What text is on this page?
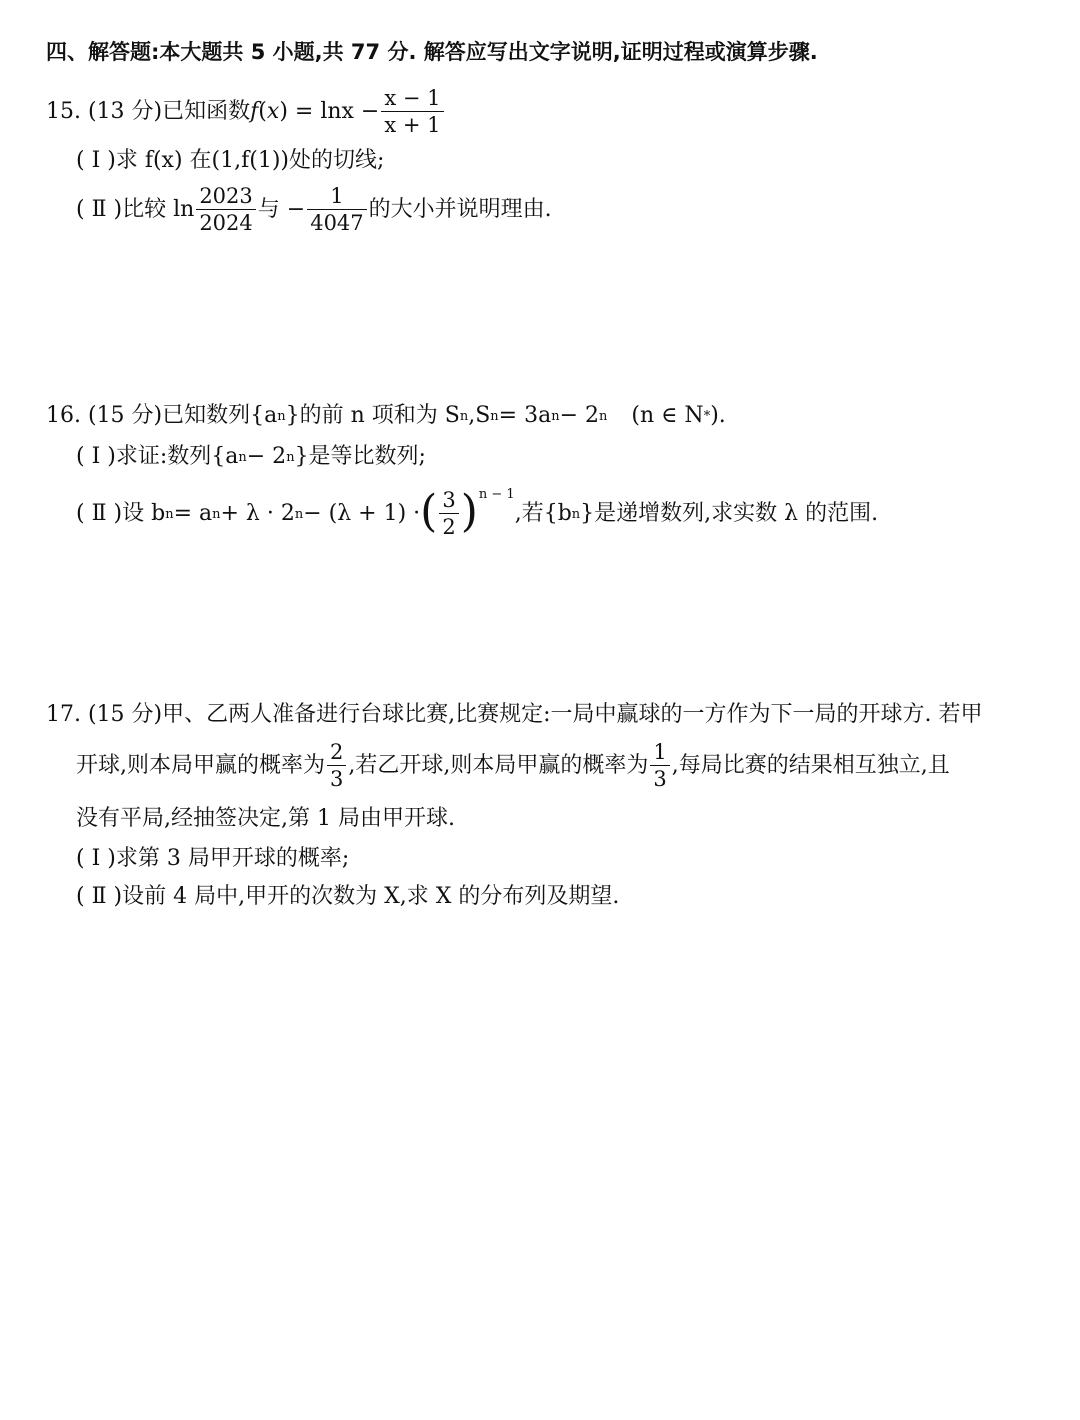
四、解答题:本大题共 5 小题,共 77 分. 解答应写出文字说明,证明过程或演算步骤.
15. (13 分)已知函数 f ( x ) = $\ln x - \frac{x - 1}{x + 1}$
( Ⅰ )求 f(x) 在(1,f(1))处的切线;
( Ⅱ )比较 $\ln \frac{2023}{2024}$ 与 − $\frac{1}{4047}$ 的大小并说明理由.
16. (15 分)已知数列{a n }的前 n 项和为 S n ,S n = 3a n − 2 n (n ∈ N * ).
( Ⅰ )求证:数列{a n − 2 n }是等比数列;
( Ⅱ )设 b n = a n + λ · 2 n − (λ + 1) · ( $\frac{3}{2}$ ) n − 1
,若{b n }是递增数列,求实数 λ 的范围.
17. (15 分)甲、乙两人准备进行台球比赛,比赛规定:一局中赢球的一方作为下一局的开球方. 若甲
开球,则本局甲赢的概率为 $\frac{2}{3}$ ,若乙开球,则本局甲赢的概率为 $\frac{1}{3}$ ,每局比赛的结果相互独立,且
没有平局,经抽签决定,第 1 局由甲开球.
( Ⅰ )求第 3 局甲开球的概率;
( Ⅱ )设前 4 局中,甲开的次数为 X,求 X 的分布列及期望.
